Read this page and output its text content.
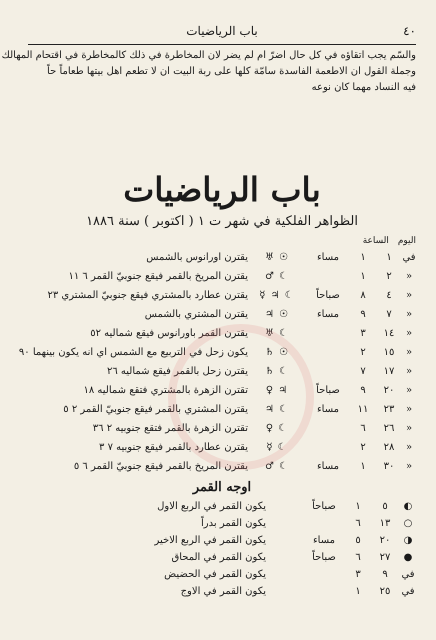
٤٠
باب الرياضيات
والسّم يجب اتقاؤه في كل حال اضرّ ام لم يضر لان المخاطرة في ذلك كالمخاطرة في اقتحام المهالك
وجملة القول ان الاطعمة الفاسدة سامّة كلها على ربة البيت ان لا تطعم اهل بيتها طعاماً حاً
فيه النساد مهما كان نوعه
باب الرياضيات
الظواهر الفلكية في شهر ت ١ ( اكتوبر ) سنة ١٨٨٦
اليوم الساعة
في
١
١
مساء
☉ ♅
يقترن اورانوس بالشمس
«
٢
١
☾ ♂
يقترن المريخ بالقمر فيقع جنوبيّ القمر ٦ ١١
«
٤
٨
صباحاً
☾ ♃ ☿
يقترن عطارد بالمشتري فيقع جنوبيّ المشتري ٢٣
«
٧
٩
مساء
☉ ♃
يقترن المشتري بالشمس
«
١٤
٣
☾ ♅
يقترن القمر باورانوس فيقع شماليه ٥٢
«
١٥
٢
☉ ♄
يكون زحل في التربيع مع الشمس اي انه يكون بينهما ٩٠
«
١٧
٧
☾ ♄
يقترن زحل بالقمر فيقع شماليه ٢٦
«
٢٠
٩
صباحاً
♃ ♀
تقترن الزهرة بالمشتري فتقع شماليه ١٨
«
٢٣
١١
مساء
☾ ♃
يقترن المشتري بالقمر فيقع جنوبيّ القمر ٢ ٥
«
٢٦
٦
☾ ♀
تقترن الزهرة بالقمر فتقع جنوبيه ٢ ٣٦
«
٢٨
٢
☾ ☿
يقترن عطارد بالقمر فيقع جنوبيه ٧ ٣
«
٣٠
١
مساء
☾ ♂
يقترن المريخ بالقمر فيقع جنوبيّ القمر ٦ ٥
اوجه القمر
◐
٥
١
صباحاً
يكون القمر في الربع الاول
○
١٣
٦
يكون القمر بدراً
◑
٢٠
٥
مساء
يكون القمر في الربع الاخير
●
٢٧
٦
صباحاً
يكون القمر في المحاق
في
٩
٣
يكون القمر في الحضيض
في
٢٥
١
يكون القمر في الاوج
